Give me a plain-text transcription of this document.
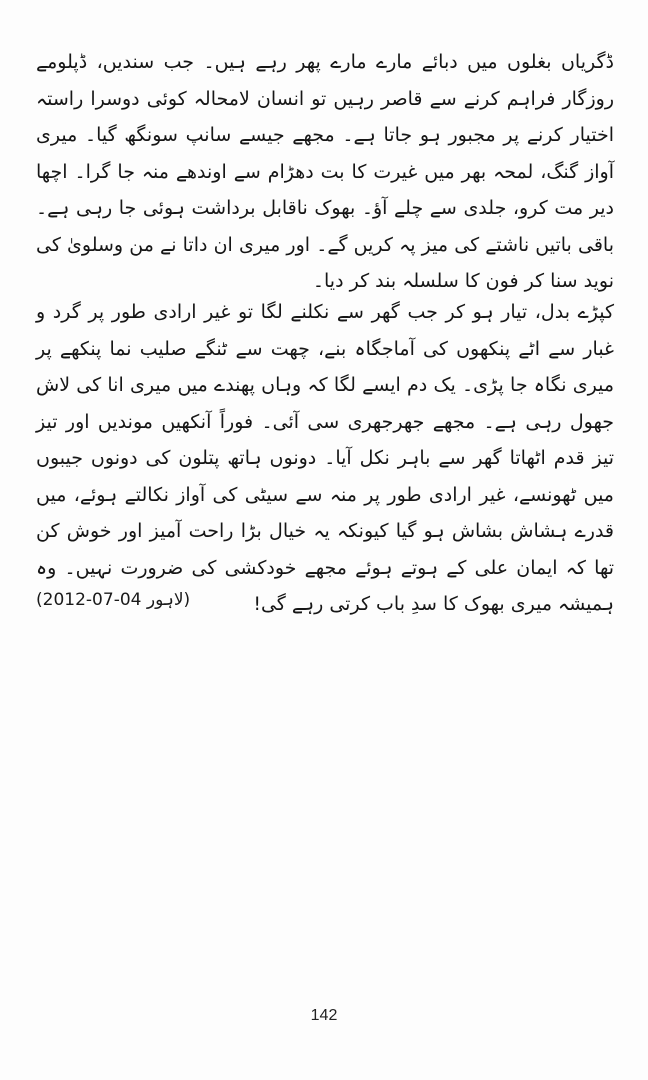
ڈگریاں بغلوں میں دبائے مارے مارے پھر رہے ہیں۔ جب سندیں، ڈپلومے روزگار فراہم کرنے سے قاصر رہیں تو انسان لامحالہ کوئی دوسرا راستہ اختیار کرنے پر مجبور ہو جاتا ہے۔ مجھے جیسے سانپ سونگھ گیا۔ میری آواز گنگ، لمحہ بھر میں غیرت کا بت دھڑام سے اوندھے منہ جا گرا۔ اچھا دیر مت کرو، جلدی سے چلے آؤ۔ بھوک ناقابل برداشت ہوئی جا رہی ہے۔ باقی باتیں ناشتے کی میز پہ کریں گے۔ اور میری ان داتا نے من وسلویٰ کی نوید سنا کر فون کا سلسلہ بند کر دیا۔

کپڑے بدل، تیار ہو کر جب گھر سے نکلنے لگا تو غیر ارادی طور پر گرد و غبار سے اٹے پنکھوں کی آماجگاہ بنے، چھت سے ٹنگے صلیب نما پنکھے پر میری نگاہ جا پڑی۔ یک دم ایسے لگا کہ وہاں پھندے میں میری انا کی لاش جھول رہی ہے۔ مجھے جھرجھری سی آئی۔ فوراً آنکھیں موندیں اور تیز تیز قدم اٹھاتا گھر سے باہر نکل آیا۔ دونوں ہاتھ پتلون کی دونوں جیبوں میں ٹھونسے، غیر ارادی طور پر منہ سے سیٹی کی آواز نکالتے ہوئے، میں قدرے ہشاش بشاش ہو گیا کیونکہ یہ خیال بڑا راحت آمیز اور خوش کن تھا کہ ایمان علی کے ہوتے ہوئے مجھے خودکشی کی ضرورت نہیں۔ وہ ہمیشہ میری بھوک کا سدِ باب کرتی رہے گی!

(لاہور 04-07-2012)
142
